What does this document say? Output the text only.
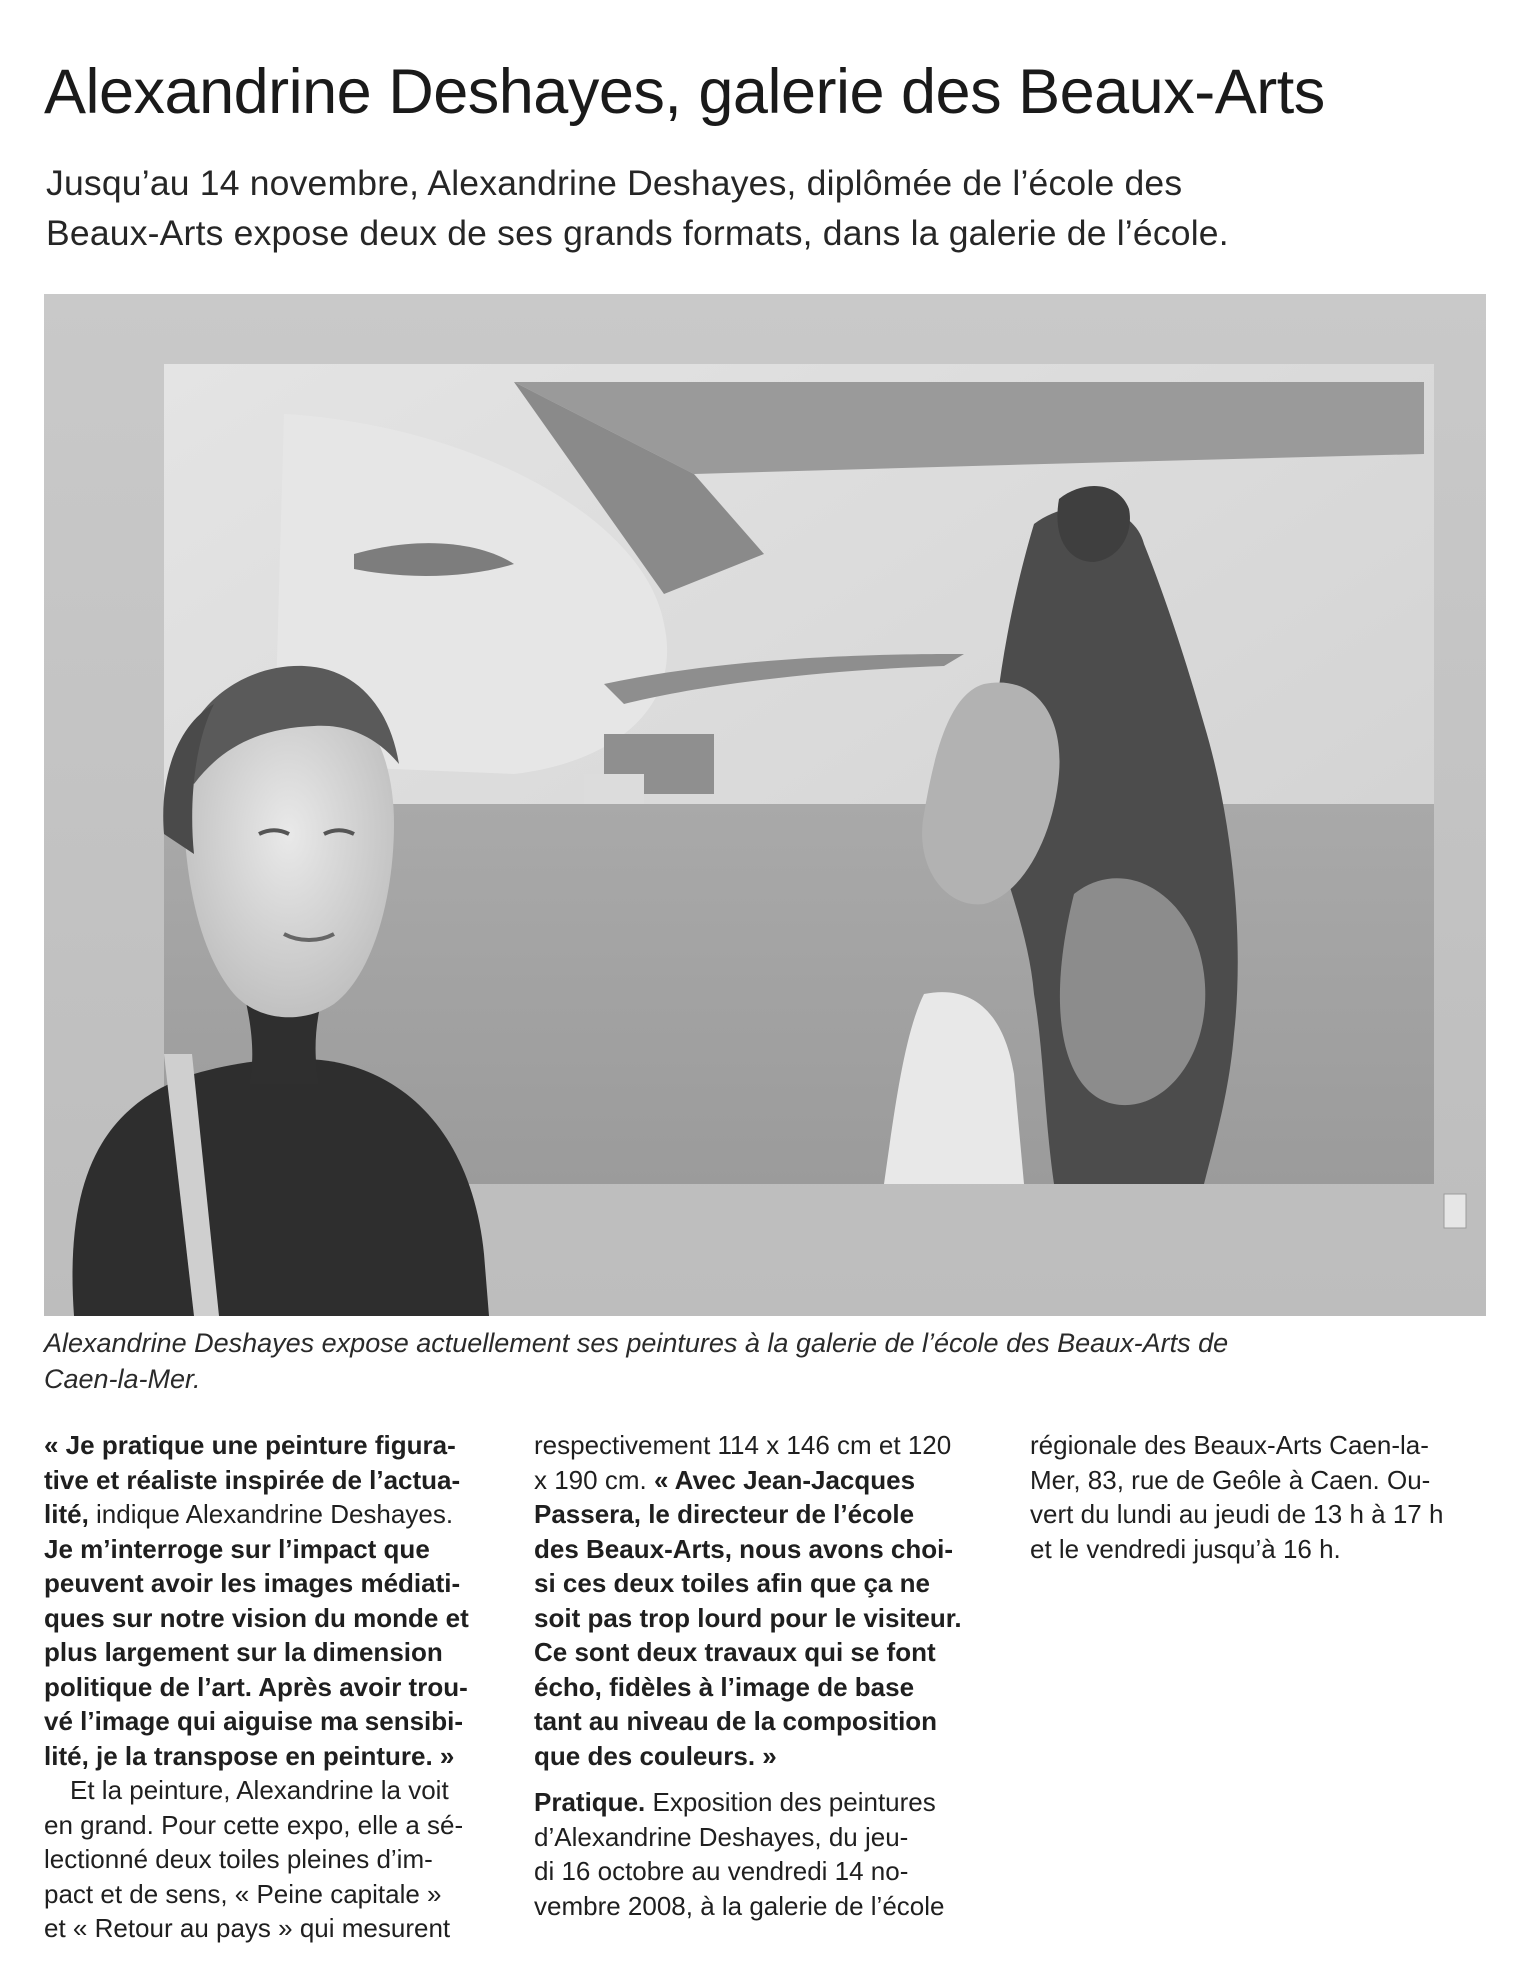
Alexandrine Deshayes, galerie des Beaux-Arts

Jusqu’au 14 novembre, Alexandrine Deshayes, diplômée de l’école des
Beaux-Arts expose deux de ses grands formats, dans la galerie de l’école.

Alexandrine Deshayes expose actuellement ses peintures à la galerie de l’école des Beaux-Arts de
Caen-la-Mer.

« Je pratique une peinture figura-
tive et réaliste inspirée de l’actua-
lité, indique Alexandrine Deshayes.
Je m’interroge sur l’impact que
peuvent avoir les images médiati-
ques sur notre vision du monde et
plus largement sur la dimension
politique de l’art. Après avoir trou-
vé l’image qui aiguise ma sensibi-
lité, je la transpose en peinture. »
Et la peinture, Alexandrine la voit
en grand. Pour cette expo, elle a sé-
lectionné deux toiles pleines d’im-
pact et de sens, « Peine capitale »
et « Retour au pays » qui mesurent
respectivement 114 x 146 cm et 120
x 190 cm. « Avec Jean-Jacques
Passera, le directeur de l’école
des Beaux-Arts, nous avons choi-
si ces deux toiles afin que ça ne
soit pas trop lourd pour le visiteur.
Ce sont deux travaux qui se font
écho, fidèles à l’image de base
tant au niveau de la composition
que des couleurs. »
Pratique. Exposition des peintures
d’Alexandrine Deshayes, du jeu-
di 16 octobre au vendredi 14 no-
vembre 2008, à la galerie de l’école
régionale des Beaux-Arts Caen-la-
Mer, 83, rue de Geôle à Caen. Ou-
vert du lundi au jeudi de 13 h à 17 h
et le vendredi jusqu’à 16 h.
